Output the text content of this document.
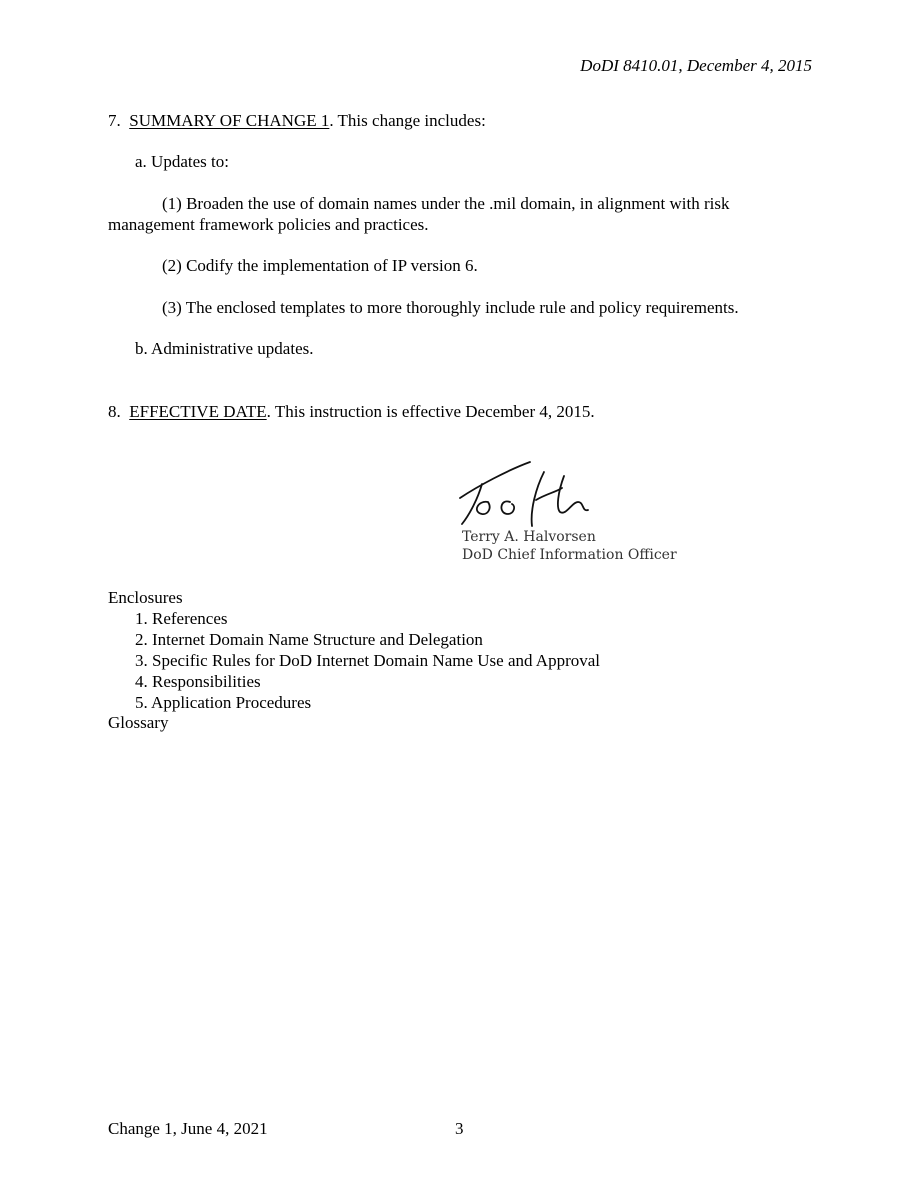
DoDI 8410.01, December 4, 2015
7. SUMMARY OF CHANGE 1. This change includes:
a. Updates to:
(1) Broaden the use of domain names under the .mil domain, in alignment with risk
management framework policies and practices.
(2) Codify the implementation of IP version 6.
(3) The enclosed templates to more thoroughly include rule and policy requirements.
b. Administrative updates.
8. EFFECTIVE DATE. This instruction is effective December 4, 2015.
Terry A. Halvorsen
DoD Chief Information Officer
Enclosures
1. References
2. Internet Domain Name Structure and Delegation
3. Specific Rules for DoD Internet Domain Name Use and Approval
4. Responsibilities
5. Application Procedures
Glossary
Change 1, June 4, 2021	3
